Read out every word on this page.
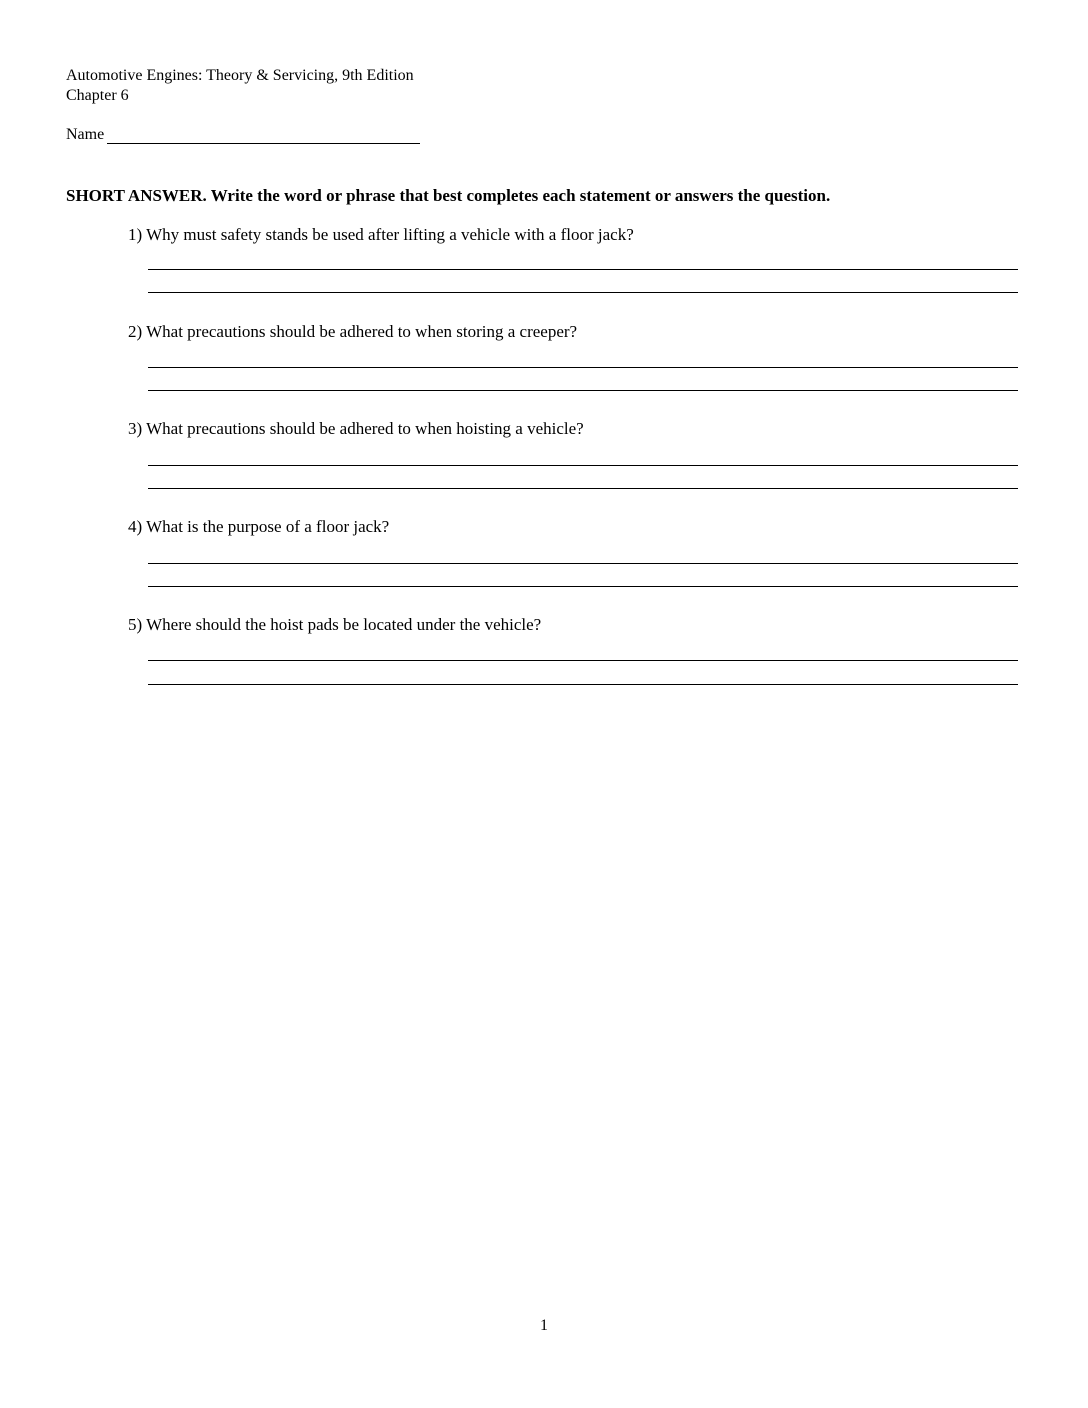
Automotive Engines: Theory & Servicing, 9th Edition
Chapter 6
Name
SHORT ANSWER. Write the word or phrase that best completes each statement or answers the question.
1) Why must safety stands be used after lifting a vehicle with a floor jack?
2) What precautions should be adhered to when storing a creeper?
3) What precautions should be adhered to when hoisting a vehicle?
4) What is the purpose of a floor jack?
5) Where should the hoist pads be located under the vehicle?
1
